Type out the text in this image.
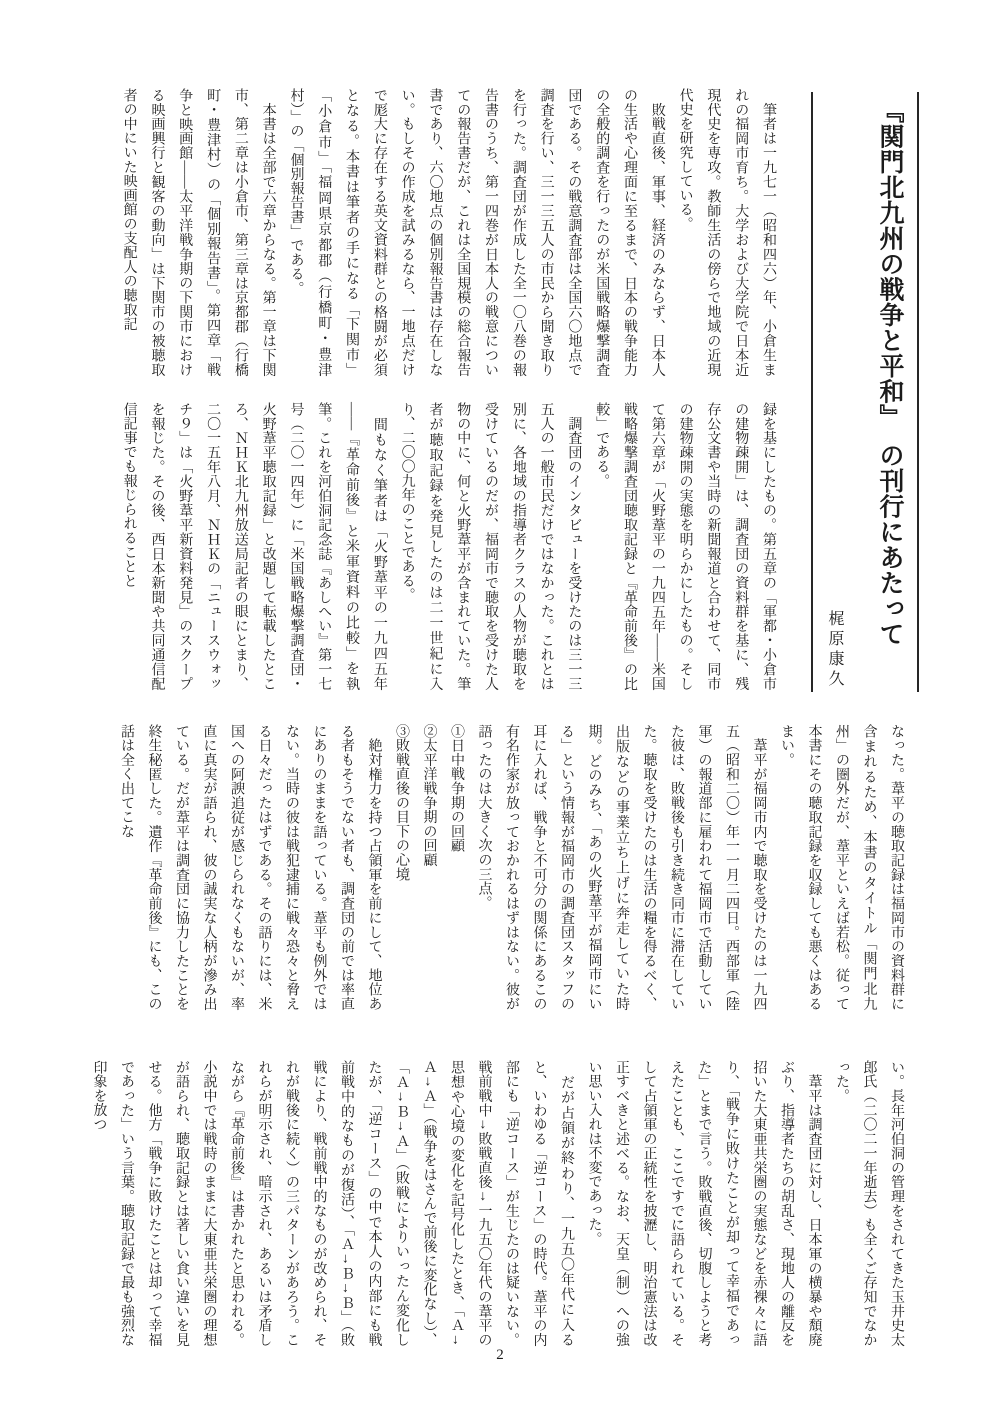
『関門北九州の戦争と平和』　の刊行にあたって
梶原康久

　筆者は一九七一（昭和四六）年、小倉生まれの福岡市育ち。大学および大学院で日本近現代史を専攻。教師生活の傍らで地域の近現代史を研究している。

　敗戦直後、軍事、経済のみならず、日本人の生活や心理面に至るまで、日本の戦争能力の全般的調査を行ったのが米国戦略爆撃調査団である。その戦意調査部は全国六〇地点で調査を行い、三一三五人の市民から聞き取りを行った。調査団が作成した全一〇八巻の報告書のうち、第一四巻が日本人の戦意についての報告書だが、これは全国規模の総合報告書であり、六〇地点の個別報告書は存在しない。もしその作成を試みるなら、一地点だけで厖大に存在する英文資料群との格闘が必須となる。本書は筆者の手になる「下関市」「小倉市」「福岡県京都郡（行橋町・豊津村）」の「個別報告書」である。

　本書は全部で六章からなる。第一章は下関市、第二章は小倉市、第三章は京都郡（行橋町・豊津村）の「個別報告書」。第四章「戦争と映画館――太平洋戦争期の下関市における映画興行と観客の動向」は下関市の被聴取者の中にいた映画館の支配人の聴取記

録を基にしたもの。第五章の「軍都・小倉市の建物疎開」は、調査団の資料群を基に、残存公文書や当時の新聞報道と合わせて、同市の建物疎開の実態を明らかにしたもの。そして第六章が「火野葦平の一九四五年――米国戦略爆撃調査団聴取記録と『革命前後』の比較」である。

　調査団のインタビューを受けたのは三一三五人の一般市民だけではなかった。これとは別に、各地域の指導者クラスの人物が聴取を受けているのだが、福岡市で聴取を受けた人物の中に、何と火野葦平が含まれていた。筆者が聴取記録を発見したのは二一世紀に入り、二〇〇九年のことである。

　間もなく筆者は「火野葦平の一九四五年――『革命前後』と米軍資料の比較」を執筆。これを河伯洞記念誌『あしへい』第一七号（二〇一四年）に「米国戦略爆撃調査団・火野葦平聴取記録」と改題して転載したところ、ＮＨＫ北九州放送局記者の眼にとまり、二〇一五年八月、ＮＨＫの「ニュースウォッチ９」は「火野葦平新資料発見」のスクープを報じた。その後、西日本新聞や共同通信配信記事でも報じられることと

なった。葦平の聴取記録は福岡市の資料群に含まれるため、本書のタイトル「関門北九州」の圏外だが、葦平といえば若松。従って本書にその聴取記録を収録しても悪くはあるまい。

　葦平が福岡市内で聴取を受けたのは一九四五（昭和二〇）年一一月二四日。西部軍（陸軍）の報道部に雇われて福岡市で活動していた彼は、敗戦後も引き続き同市に滞在していた。聴取を受けたのは生活の糧を得るべく、出版などの事業立ち上げに奔走していた時期。どのみち、「あの火野葦平が福岡市にいる」という情報が福岡市の調査団スタッフの耳に入れば、戦争と不可分の関係にあるこの有名作家が放っておかれるはずはない。彼が語ったのは大きく次の三点。

①日中戦争期の回顧

②太平洋戦争期の回顧

③敗戦直後の目下の心境

　絶対権力を持つ占領軍を前にして、地位ある者もそうでない者も、調査団の前では率直にありのままを語っている。葦平も例外ではない。当時の彼は戦犯逮捕に戦々恐々と脅える日々だったはずである。その語りには、米国への阿諛追従が感じられなくもないが、率直に真実が語られ、彼の誠実な人柄が滲み出ている。だが葦平は調査団に協力したことを終生秘匿した。遺作『革命前後』にも、この話は全く出てこな

い。長年河伯洞の管理をされてきた玉井史太郎氏（二〇二一年逝去）も全くご存知でなかった。

　葦平は調査団に対し、日本軍の横暴や頽廃ぶり、指導者たちの胡乱さ、現地人の離反を招いた大東亜共栄圏の実態などを赤裸々に語り、「戦争に敗けたことが却って幸福であった」とまで言う。敗戦直後、切腹しようと考えたことも、ここですでに語られている。そして占領軍の正統性を披瀝し、明治憲法は改正すべきと述べる。なお、天皇（制）への強い思い入れは不変であった。

　だが占領が終わり、一九五〇年代に入ると、いわゆる「逆コース」の時代。葦平の内部にも「逆コース」が生じたのは疑いない。戦前戦中→敗戦直後→一九五〇年代の葦平の思想や心境の変化を記号化したとき、「Ａ→Ａ→Ａ」（戦争をはさんで前後に変化なし）、「Ａ→Ｂ→Ａ」（敗戦によりいったん変化したが、「逆コース」の中で本人の内部にも戦前戦中的なものが復活）、「Ａ→Ｂ→Ｂ」（敗戦により、戦前戦中的なものが改められ、それが戦後に続く）の三パターンがあろう。これらが明示され、暗示され、あるいは矛盾しながら『革命前後』は書かれたと思われる。小説中では戦時のままに大東亜共栄圏の理想が語られ、聴取記録とは著しい食い違いを見せる。他方「戦争に敗けたことは却って幸福であった」いう言葉。聴取記録で最も強烈な印象を放つ

2
